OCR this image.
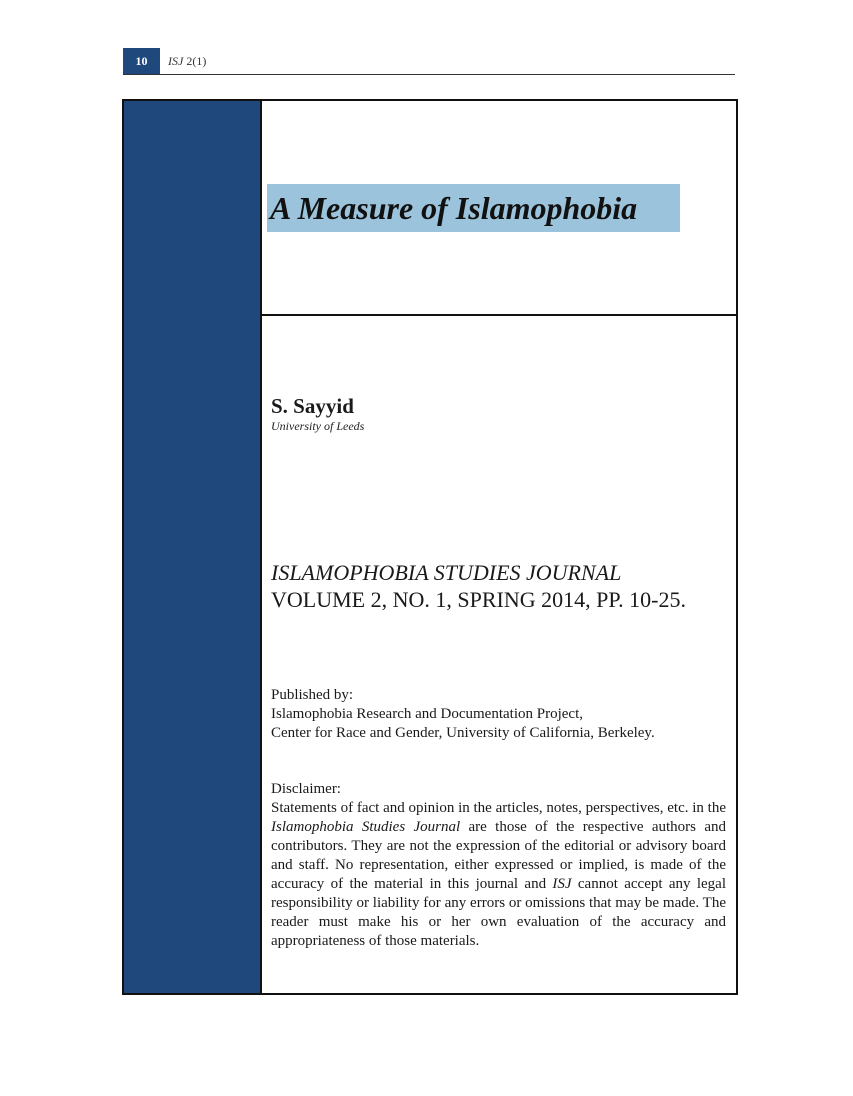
10	ISJ 2(1)
A Measure of Islamophobia

S. Sayyid

University of Leeds

ISLAMOPHOBIA STUDIES JOURNAL

VOLUME 2, NO. 1, SPRING 2014, PP. 10-25.

Published by:
Islamophobia Research and Documentation Project,
Center for Race and Gender, University of California, Berkeley.

Disclaimer:

Statements of fact and opinion in the articles, notes, perspectives, etc. in the Islamophobia Studies Journal are those of the respective authors and contributors. They are not the expression of the editorial or advisory board and staff. No representation, either expressed or implied, is made of the accuracy of the material in this journal and ISJ cannot accept any legal responsibility or liability for any errors or omissions that may be made. The reader must make his or her own evaluation of the accuracy and appropriateness of those materials.
